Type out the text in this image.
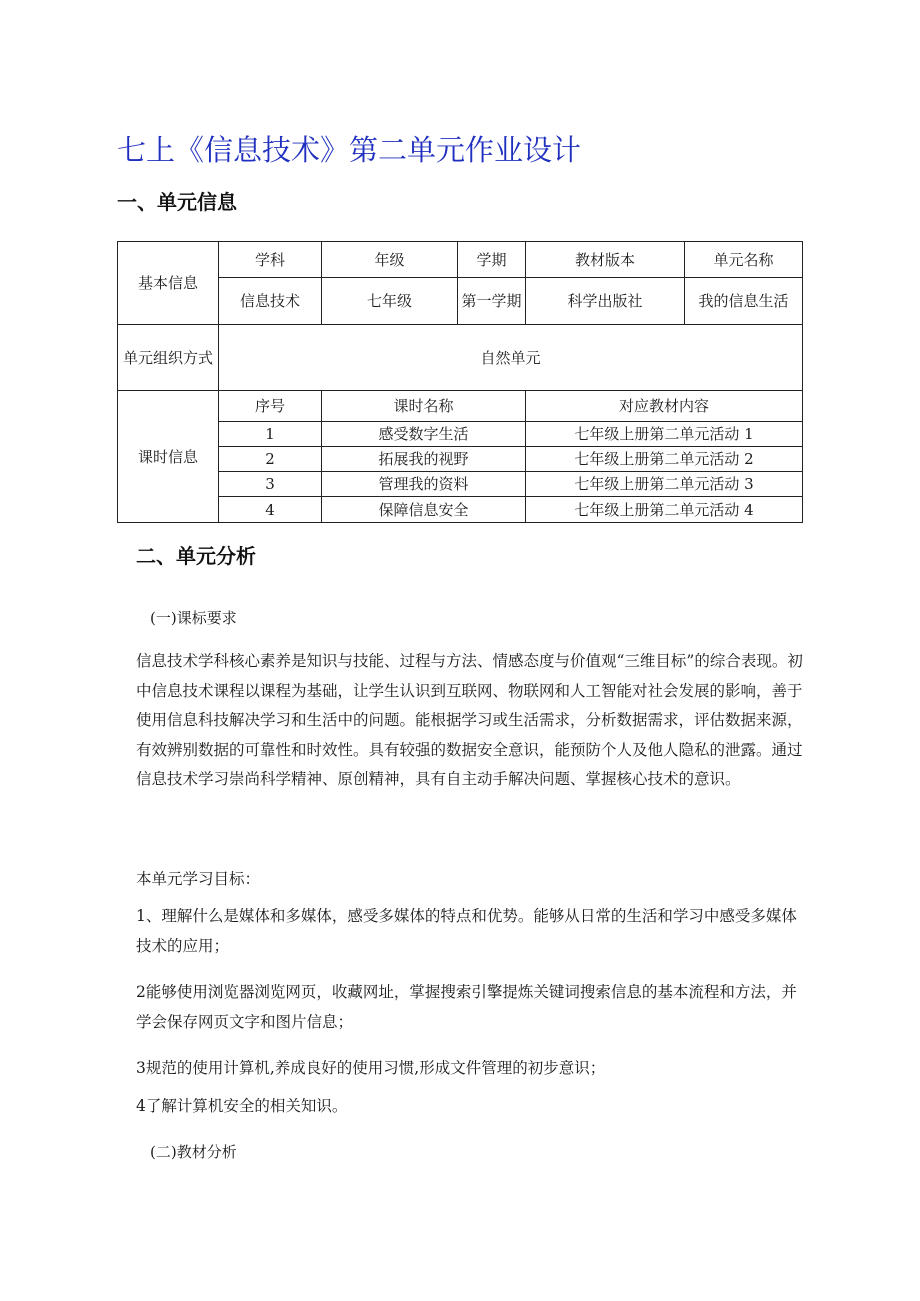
七上《信息技术》第二单元作业设计
一、单元信息
基本信息	学科	年级	学期	教材版本	单元名称
	信息技术	七年级	第一学期	科学出版社	我的信息生活
单元组织方式	自然单元				
课时信息	序号	课时名称		对应教材内容	
	1	感受数字生活		七年级上册第二单元活动 1	
	2	拓展我的视野		七年级上册第二单元活动 2	
	3	管理我的资料		七年级上册第二单元活动 3	
	4	保障信息安全		七年级上册第二单元活动 4	
二、单元分析

(一)课标要求

信息技术学科核心素养是知识与技能、过程与方法、情感态度与价值观“三维目标”的综合表现。初中信息技术课程以课程为基础，让学生认识到互联网、物联网和人工智能对社会发展的影响，善于使用信息科技解决学习和生活中的问题。能根据学习或生活需求，分析数据需求，评估数据来源，有效辨别数据的可靠性和时效性。具有较强的数据安全意识，能预防个人及他人隐私的泄露。通过信息技术学习崇尚科学精神、原创精神，具有自主动手解决问题、掌握核心技术的意识。

本单元学习目标：

1、理解什么是媒体和多媒体，感受多媒体的特点和优势。能够从日常的生活和学习中感受多媒体技术的应用；

2能够使用浏览器浏览网页，收藏网址，掌握搜索引擎提炼关键词搜索信息的基本流程和方法，并学会保存网页文字和图片信息；

3规范的使用计算机,养成良好的使用习惯,形成文件管理的初步意识；

4了解计算机安全的相关知识。

(二)教材分析
